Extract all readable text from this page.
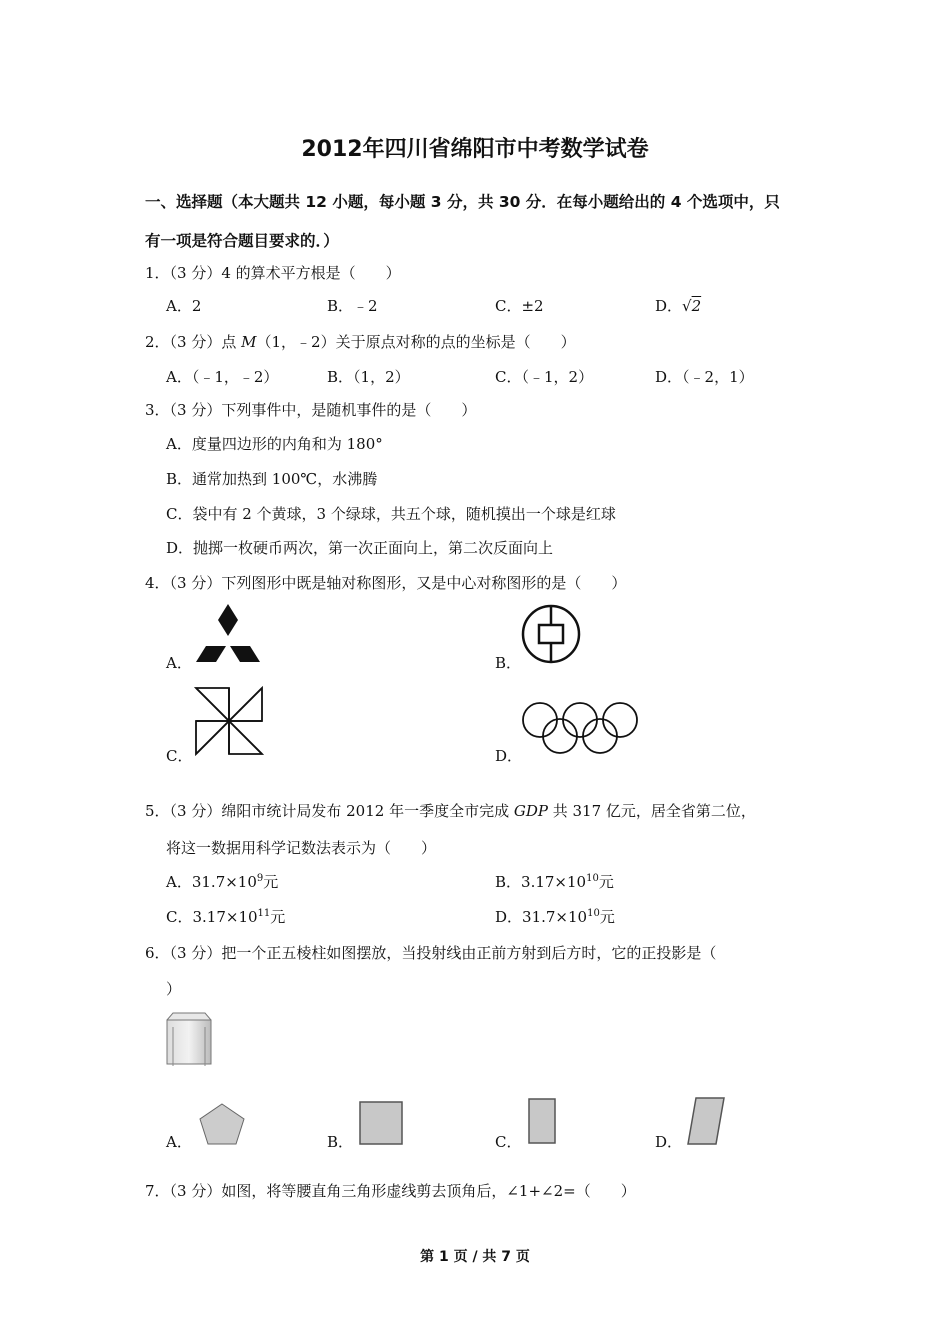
2012年四川省绵阳市中考数学试卷
一、选择题（本大题共 12 小题，每小题 3 分，共 30 分．在每小题给出的 4 个选项中，只
有一项是符合题目要求的．）
1．（3 分）4 的算术平方根是（　　）
A．2	B．﹣2	C．±2	D．√2
2．（3 分）点 M（1，﹣2）关于原点对称的点的坐标是（　　）
A．（﹣1，﹣2）	B．（1，2）	C．（﹣1，2）	D．（﹣2，1）
3．（3 分）下列事件中，是随机事件的是（　　）
A．度量四边形的内角和为 180°
B．通常加热到 100℃，水沸腾
C．袋中有 2 个黄球，3 个绿球，共五个球，随机摸出一个球是红球
D．抛掷一枚硬币两次，第一次正面向上，第二次反面向上
4．（3 分）下列图形中既是轴对称图形，又是中心对称图形的是（　　）
A．	B．
C．	D．
5．（3 分）绵阳市统计局发布 2012 年一季度全市完成 GDP 共 317 亿元，居全省第二位，
将这一数据用科学记数法表示为（　　）
A．$31.7\times 10^9$元	B．$3.17\times 10^{10}$元
C．$3.17\times 10^{11}$元	D．$31.7\times 10^{10}$元
6．（3 分）把一个正五棱柱如图摆放，当投射线由正前方射到后方时，它的正投影是（
）
A．	B．	C．	D．
7．（3 分）如图，将等腰直角三角形虚线剪去顶角后，∠1+∠2=（　　）
第 1 页 / 共 7 页
